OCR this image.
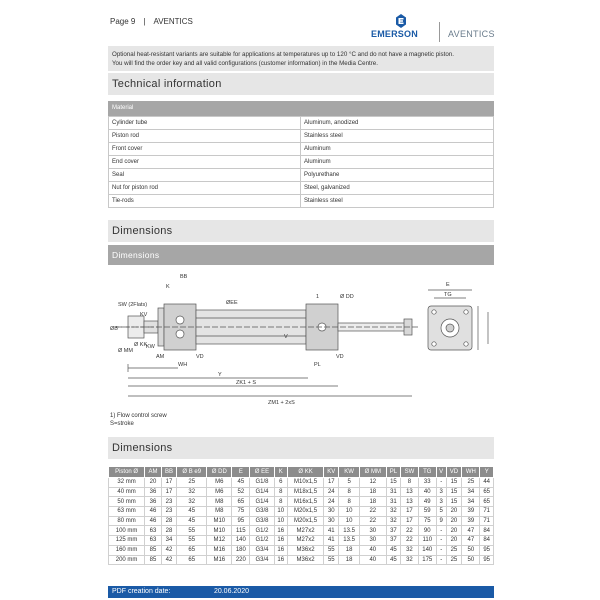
Page 9 | AVENTICS
EMERSON	AVENTICS
Optional heat-resistant variants are suitable for applications at temperatures up to 120 °C and do not have a magnetic piston.
You will find the order key and all valid configurations (customer information) in the Media Centre.
Technical information
Material
Cylinder tube	Aluminum, anodized
Piston rod	Stainless steel
Front cover	Aluminum
End cover	Aluminum
Seal	Polyurethane
Nut for piston rod	Steel, galvanized
Tie-rods	Stainless steel
Dimensions
Dimensions
BB
K
SW (2Flats)
KV
ØEE
1	Ø DD
E
TG
V
ØB
Ø KK
Ø MM
AM
KW
WH
VD	VD
PL
Y
ZK1 + S
ZM1 + 2xS
1) Flow control screw
S=stroke
Dimensions
Piston Ø	AM	BB	Ø B e9	Ø DD	E	Ø EE	K	Ø KK	KV	KW	Ø MM	PL	SW	TG	V	VD	WH	Y
32 mm	20	17	25	M6	45	G1/8	6	M10x1,5	17	5	12	15	8	33	-	15	25	44
40 mm	36	17	32	M6	52	G1/4	8	M18x1,5	24	8	18	31	13	40	3	15	34	65
50 mm	36	23	32	M8	65	G1/4	8	M16x1,5	24	8	18	31	13	49	3	15	34	65
63 mm	46	23	45	M8	75	G3/8	10	M20x1,5	30	10	22	32	17	59	5	20	39	71
80 mm	46	28	45	M10	95	G3/8	10	M20x1,5	30	10	22	32	17	75	9	20	39	71
100 mm	63	28	55	M10	115	G1/2	16	M27x2	41	13.5	30	37	22	90	-	20	47	84
125 mm	63	34	55	M12	140	G1/2	16	M27x2	41	13.5	30	37	22	110	-	20	47	84
160 mm	85	42	65	M16	180	G3/4	16	M36x2	55	18	40	45	32	140	-	25	50	95
200 mm	85	42	65	M16	220	G3/4	16	M36x2	55	18	40	45	32	175	-	25	50	95
PDF creation date:	20.06.2020
